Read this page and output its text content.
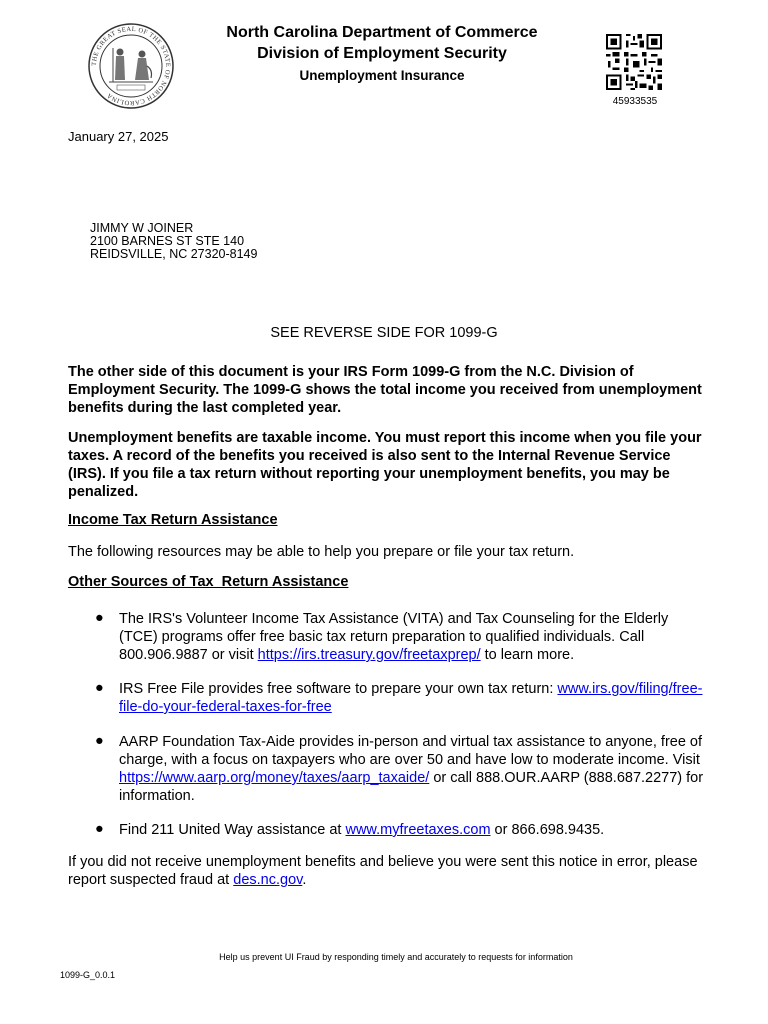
THE GREAT SEAL OF THE STATE OF NORTH CAROLINA
North Carolina Department of Commerce
Division of Employment Security
Unemployment Insurance
45933535
January 27, 2025
JIMMY W JOINER
2100 BARNES ST STE 140
REIDSVILLE, NC 27320-8149
SEE REVERSE SIDE FOR 1099-G
The other side of this document is your IRS Form 1099-G from the N.C. Division of Employment Security. The 1099-G shows the total income you received from unemployment benefits during the last completed year.
Unemployment benefits are taxable income. You must report this income when you file your taxes. A record of the benefits you received is also sent to the Internal Revenue Service (IRS). If you file a tax return without reporting your unemployment benefits, you may be penalized.
Income Tax Return Assistance
The following resources may be able to help you prepare or file your tax return.
Other Sources of Tax  Return Assistance
● The IRS's Volunteer Income Tax Assistance (VITA) and Tax Counseling for the Elderly (TCE) programs offer free basic tax return preparation to qualified individuals. Call 800.906.9887 or visit https://irs.treasury.gov/freetaxprep/ to learn more.
● IRS Free File provides free software to prepare your own tax return: www.irs.gov/filing/free-file-do-your-federal-taxes-for-free
● AARP Foundation Tax-Aide provides in-person and virtual tax assistance to anyone, free of charge, with a focus on taxpayers who are over 50 and have low to moderate income. Visit https://www.aarp.org/money/taxes/aarp_taxaide/ or call 888.OUR.AARP (888.687.2277) for information.
● Find 211 United Way assistance at www.myfreetaxes.com or 866.698.9435.
If you did not receive unemployment benefits and believe you were sent this notice in error, please report suspected fraud at des.nc.gov.
Help us prevent UI Fraud by responding timely and accurately to requests for information
1099-G_0.0.1
